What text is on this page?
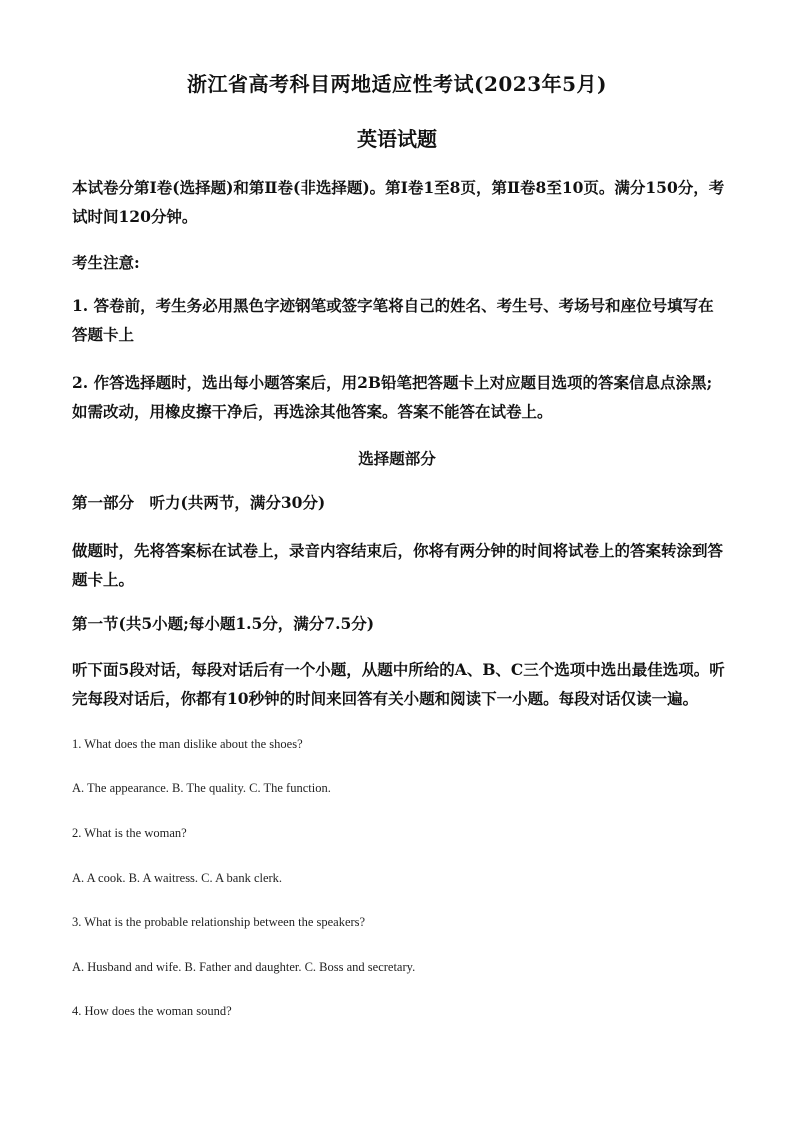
浙江省高考科目两地适应性考试(2023年5月)
英语试题
本试卷分第Ⅰ卷(选择题)和第Ⅱ卷(非选择题)。第Ⅰ卷1至8页，第Ⅱ卷8至10页。满分150分，考试时间120分钟。
考生注意:
1. 答卷前，考生务必用黑色字迹钢笔或签字笔将自己的姓名、考生号、考场号和座位号填写在答题卡上
2. 作答选择题时，选出每小题答案后，用2B铅笔把答题卡上对应题目选项的答案信息点涂黑;如需改动，用橡皮擦干净后，再选涂其他答案。答案不能答在试卷上。
选择题部分
第一部分　听力(共两节，满分30分)
做题时，先将答案标在试卷上，录音内容结束后，你将有两分钟的时间将试卷上的答案转涂到答题卡上。
第一节(共5小题;每小题1.5分，满分7.5分)
听下面5段对话，每段对话后有一个小题，从题中所给的A、B、C三个选项中选出最佳选项。听完每段对话后，你都有10秒钟的时间来回答有关小题和阅读下一小题。每段对话仅读一遍。
1. What does the man dislike about the shoes?
A. The appearance. B. The quality. C. The function.
2. What is the woman?
A. A cook. B. A waitress. C. A bank clerk.
3. What is the probable relationship between the speakers?
A. Husband and wife. B. Father and daughter. C. Boss and secretary.
4. How does the woman sound?
